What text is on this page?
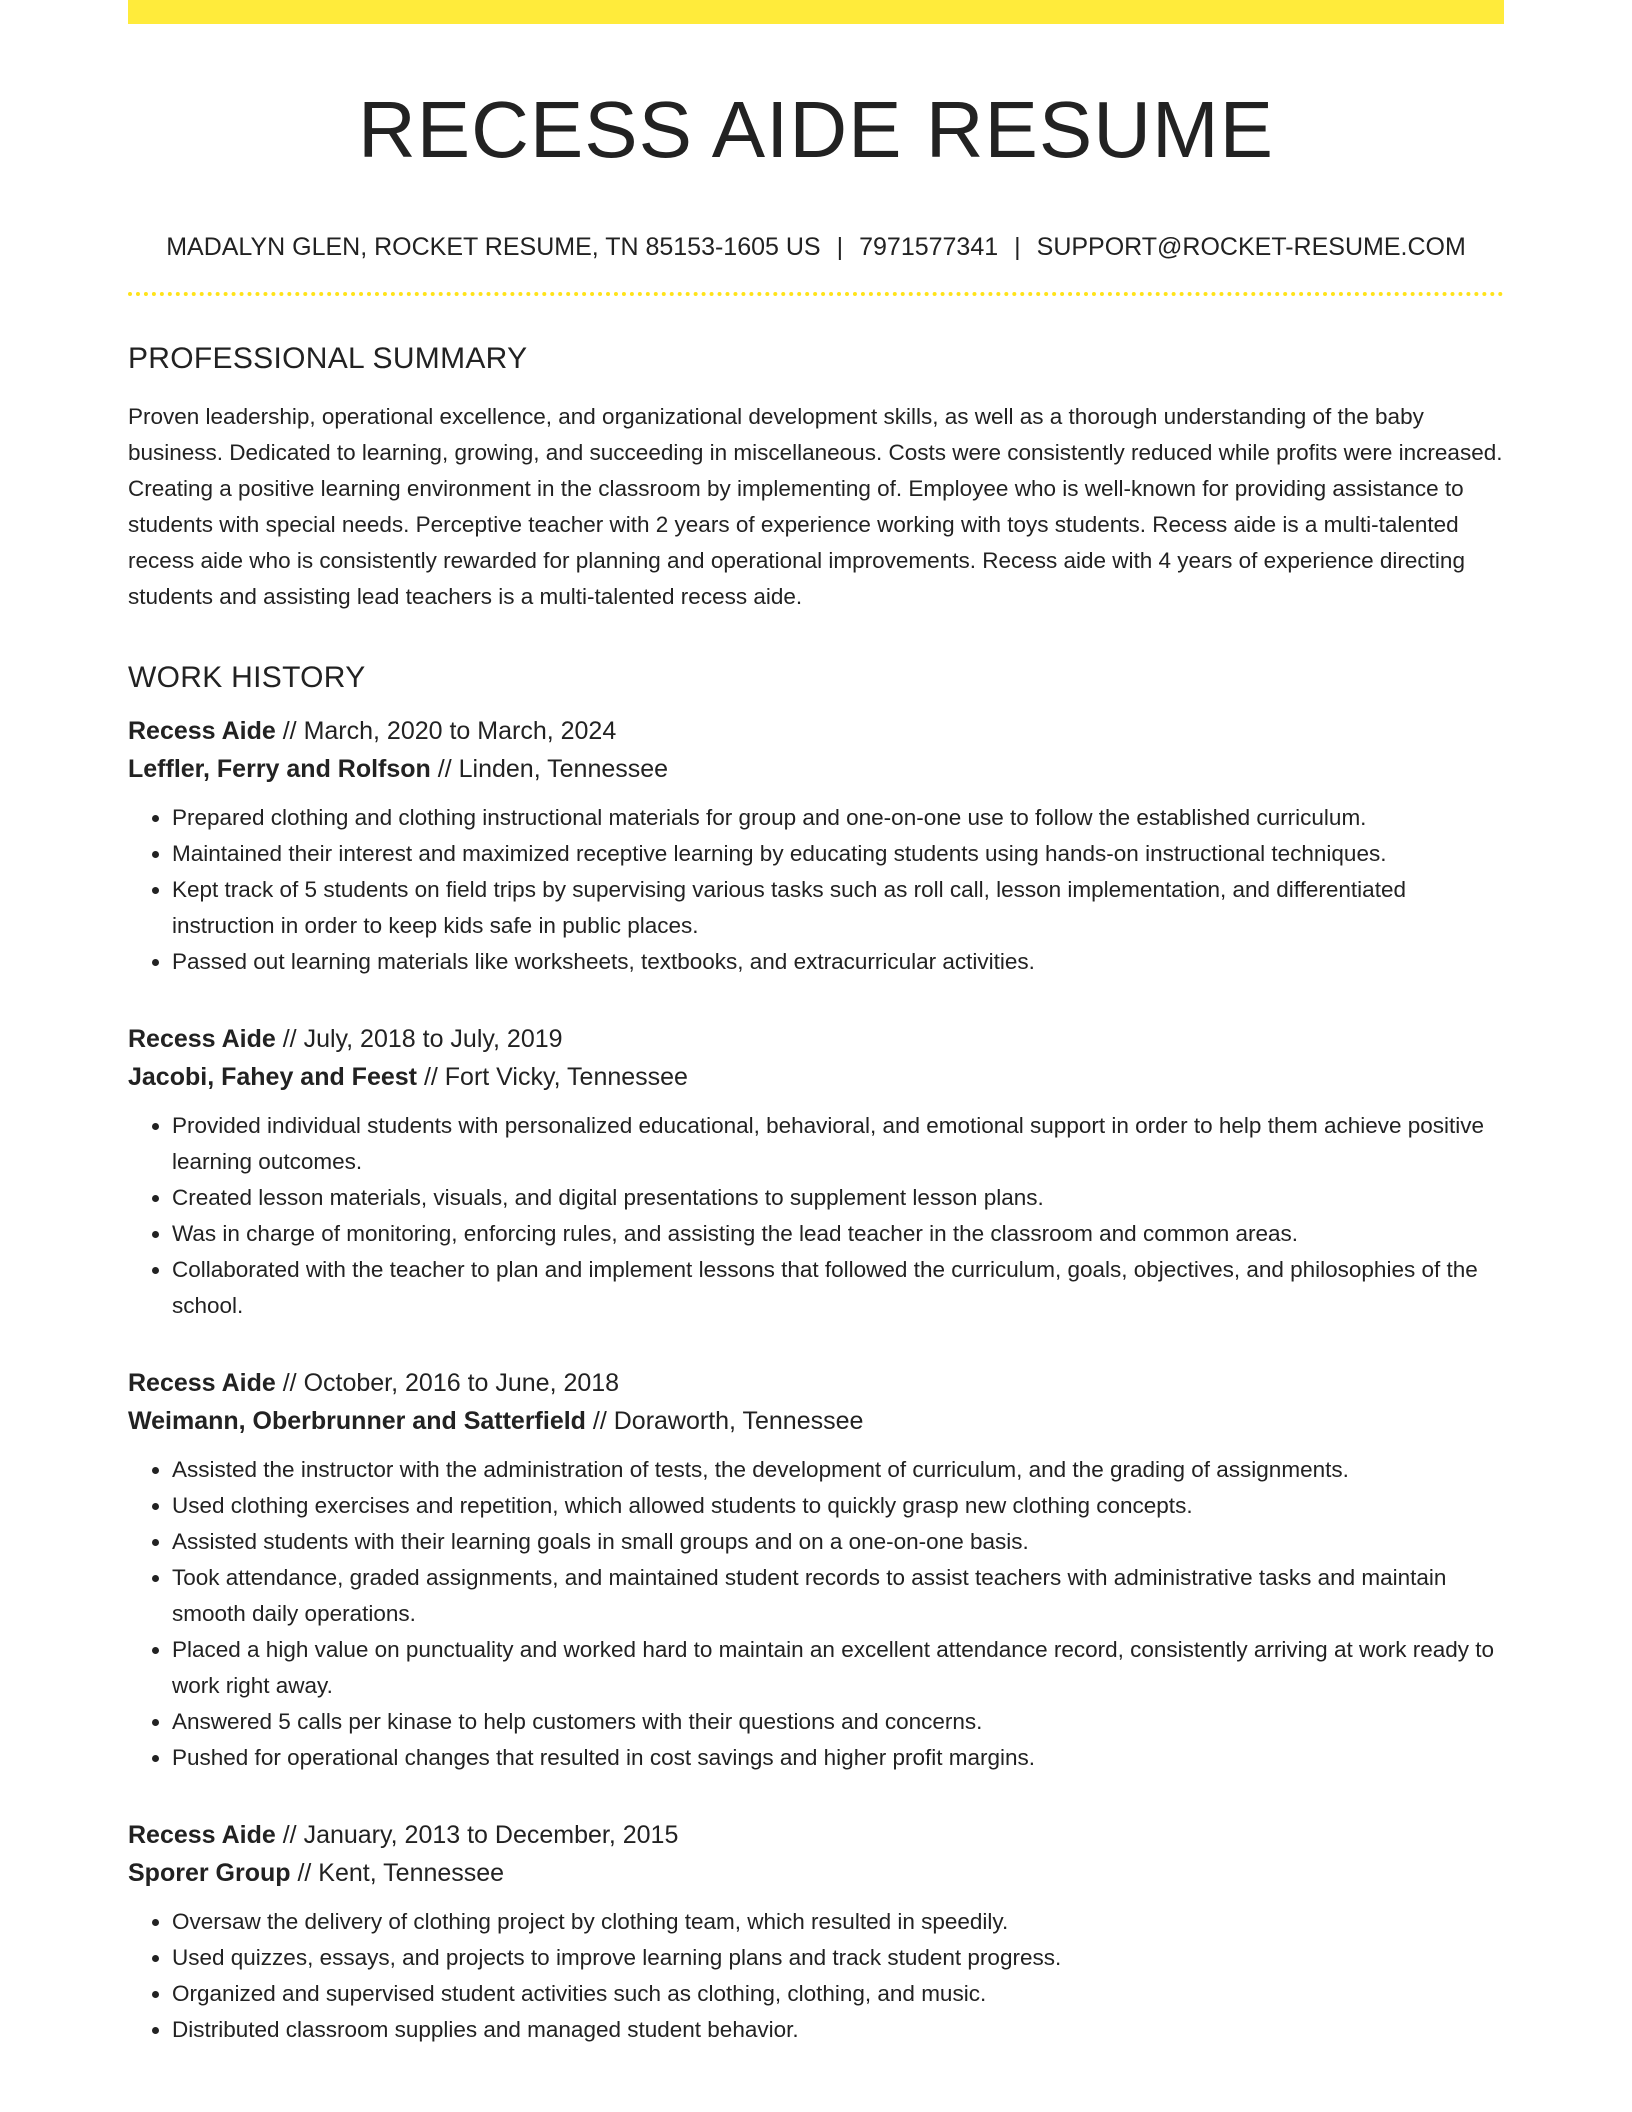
RECESS AIDE RESUME
MADALYN GLEN, ROCKET RESUME, TN 85153-1605 US | 7971577341 | SUPPORT@ROCKET-RESUME.COM
PROFESSIONAL SUMMARY

Proven leadership, operational excellence, and organizational development skills, as well as a thorough understanding of the baby business. Dedicated to learning, growing, and succeeding in miscellaneous. Costs were consistently reduced while profits were increased. Creating a positive learning environment in the classroom by implementing of. Employee who is well-known for providing assistance to students with special needs. Perceptive teacher with 2 years of experience working with toys students. Recess aide is a multi-talented recess aide who is consistently rewarded for planning and operational improvements. Recess aide with 4 years of experience directing students and assisting lead teachers is a multi-talented recess aide.

WORK HISTORY
Recess Aide // March, 2020 to March, 2024
Leffler, Ferry and Rolfson // Linden, Tennessee
• Prepared clothing and clothing instructional materials for group and one-on-one use to follow the established curriculum.
• Maintained their interest and maximized receptive learning by educating students using hands-on instructional techniques.
• Kept track of 5 students on field trips by supervising various tasks such as roll call, lesson implementation, and differentiated instruction in order to keep kids safe in public places.
• Passed out learning materials like worksheets, textbooks, and extracurricular activities.
Recess Aide // July, 2018 to July, 2019
Jacobi, Fahey and Feest // Fort Vicky, Tennessee
• Provided individual students with personalized educational, behavioral, and emotional support in order to help them achieve positive learning outcomes.
• Created lesson materials, visuals, and digital presentations to supplement lesson plans.
• Was in charge of monitoring, enforcing rules, and assisting the lead teacher in the classroom and common areas.
• Collaborated with the teacher to plan and implement lessons that followed the curriculum, goals, objectives, and philosophies of the school.
Recess Aide // October, 2016 to June, 2018
Weimann, Oberbrunner and Satterfield // Doraworth, Tennessee
• Assisted the instructor with the administration of tests, the development of curriculum, and the grading of assignments.
• Used clothing exercises and repetition, which allowed students to quickly grasp new clothing concepts.
• Assisted students with their learning goals in small groups and on a one-on-one basis.
• Took attendance, graded assignments, and maintained student records to assist teachers with administrative tasks and maintain smooth daily operations.
• Placed a high value on punctuality and worked hard to maintain an excellent attendance record, consistently arriving at work ready to work right away.
• Answered 5 calls per kinase to help customers with their questions and concerns.
• Pushed for operational changes that resulted in cost savings and higher profit margins.
Recess Aide // January, 2013 to December, 2015
Sporer Group // Kent, Tennessee
• Oversaw the delivery of clothing project by clothing team, which resulted in speedily.
• Used quizzes, essays, and projects to improve learning plans and track student progress.
• Organized and supervised student activities such as clothing, clothing, and music.
• Distributed classroom supplies and managed student behavior.
